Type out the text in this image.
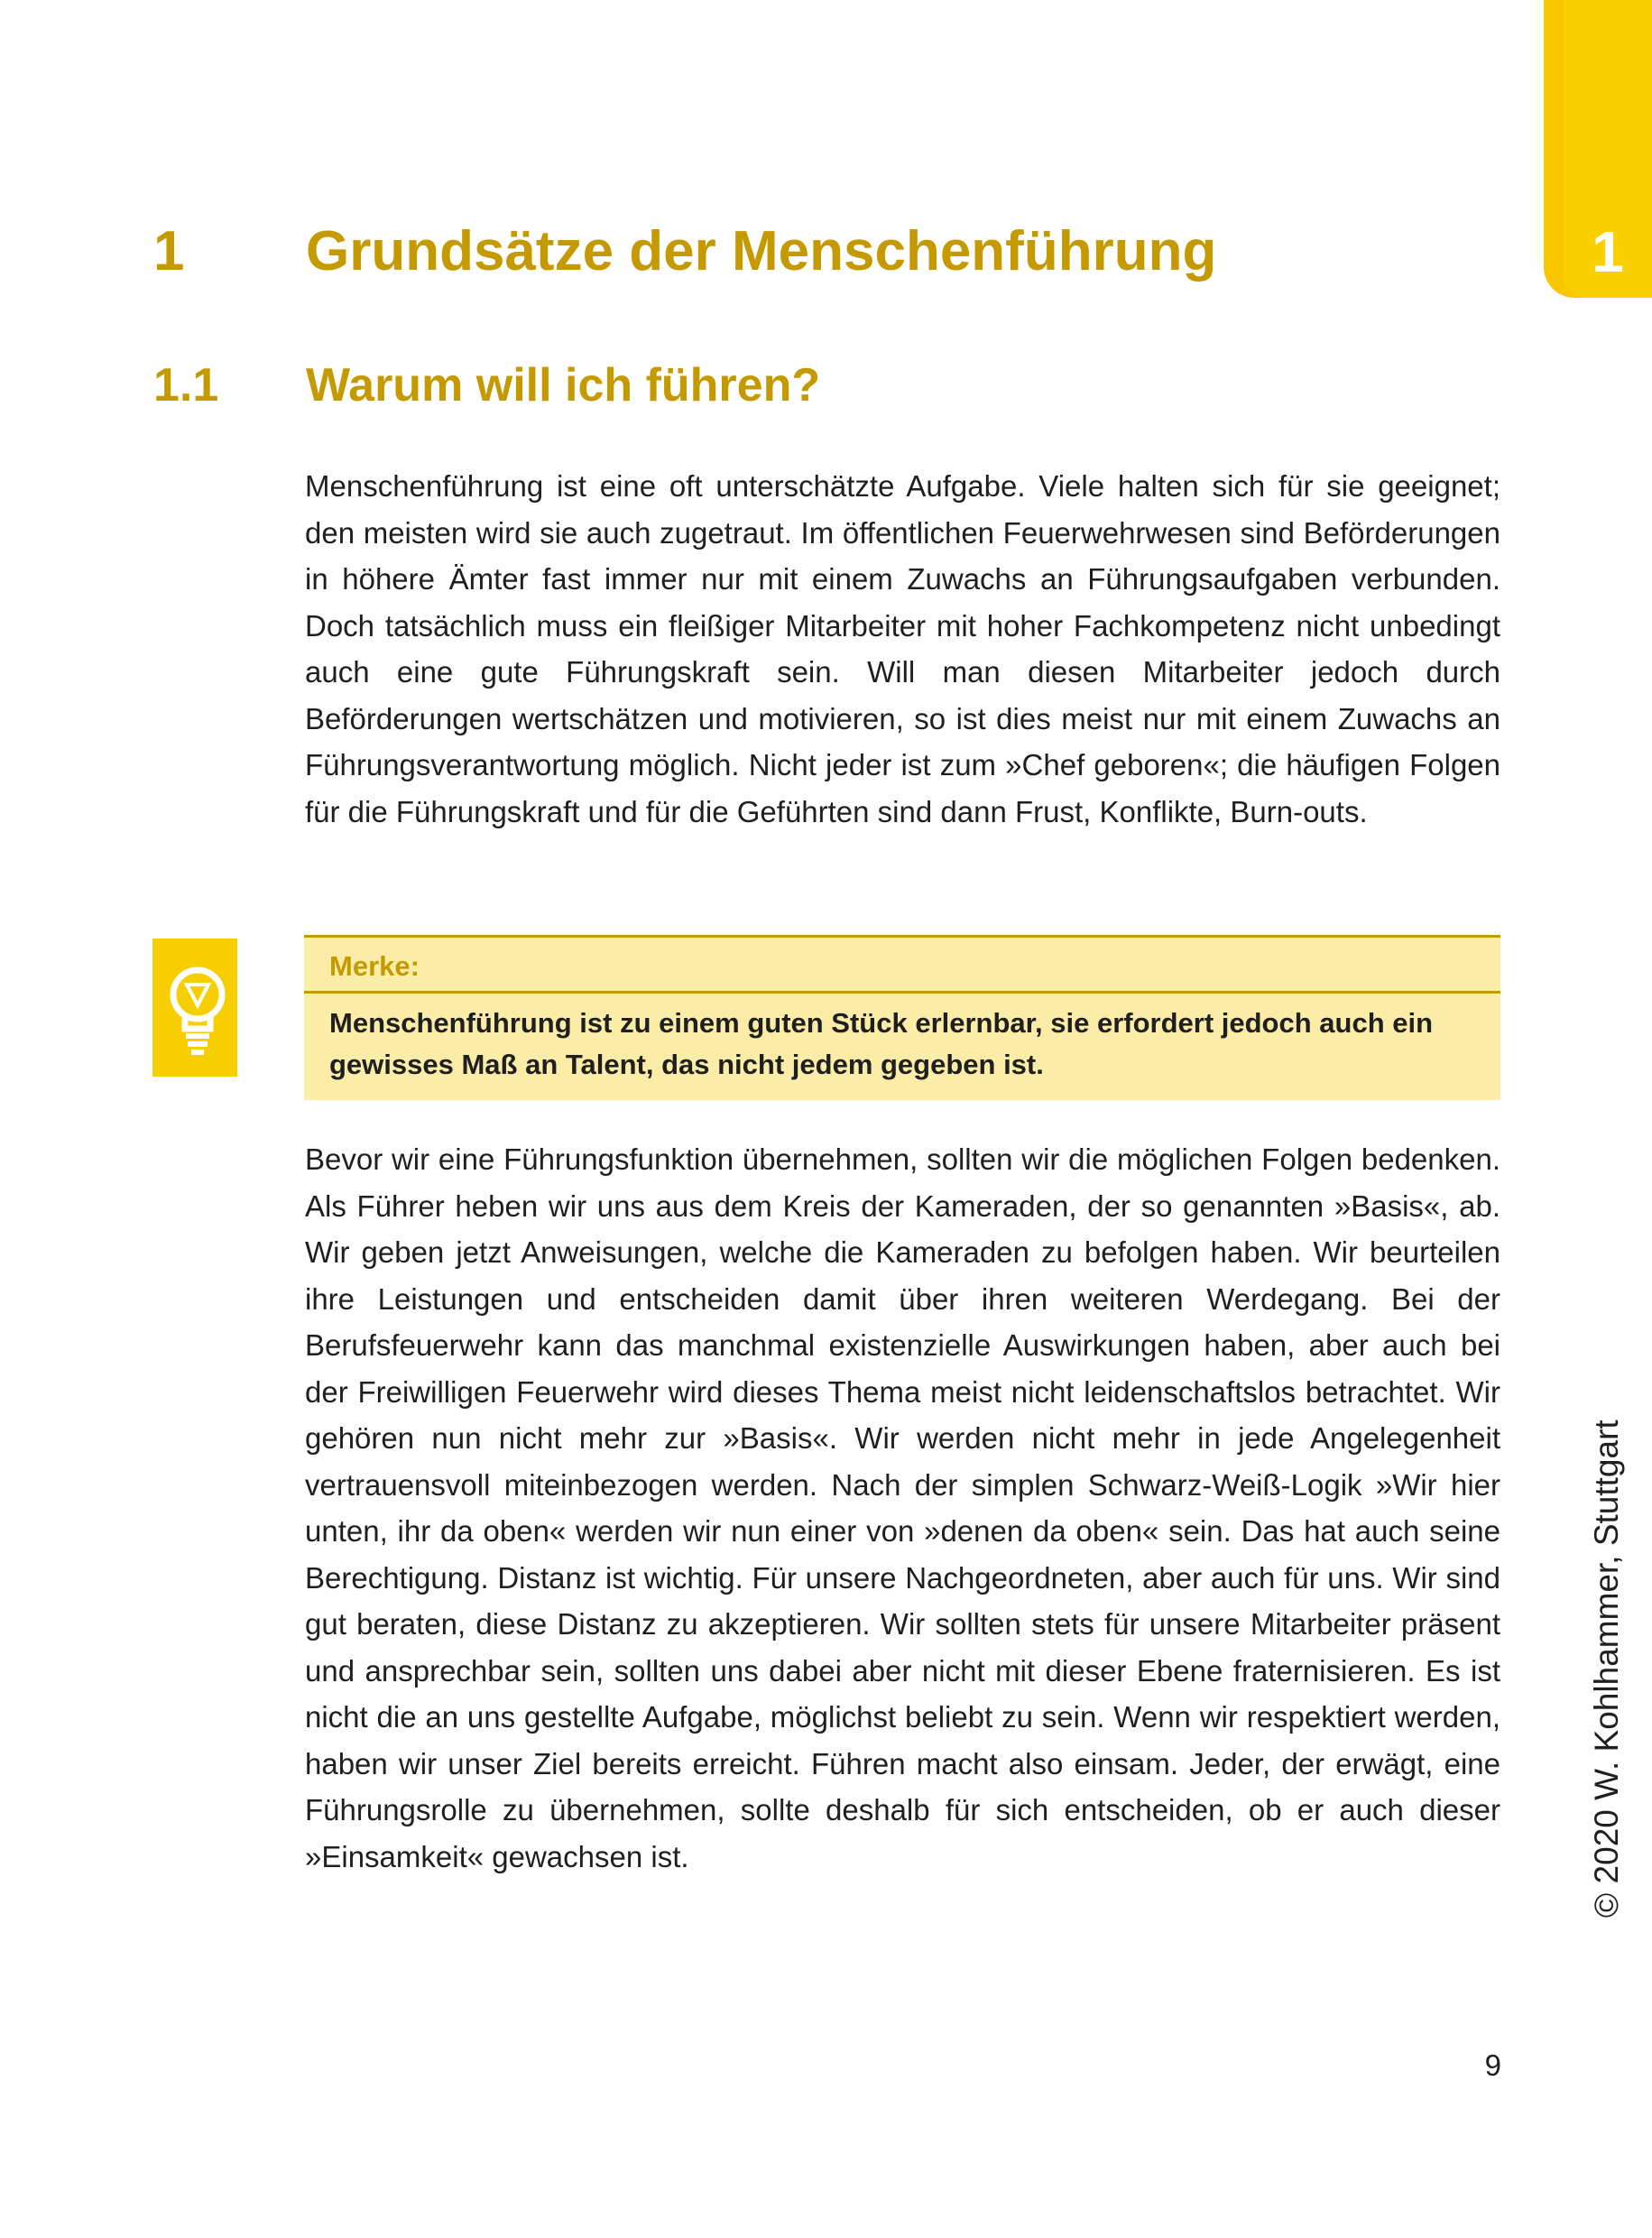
1
1 Grundsätze der Menschenführung
1.1 Warum will ich führen?

Menschenführung ist eine oft unterschätzte Aufgabe. Viele halten sich für sie geeignet; den meisten wird sie auch zugetraut. Im öffentlichen Feuerwehrwesen sind Beförderungen in höhere Ämter fast immer nur mit einem Zuwachs an Führungsaufgaben verbunden. Doch tatsächlich muss ein fleißiger Mitarbeiter mit hoher Fachkompetenz nicht unbedingt auch eine gute Führungskraft sein. Will man diesen Mitarbeiter jedoch durch Beförderungen wertschätzen und motivieren, so ist dies meist nur mit einem Zuwachs an Führungsverantwortung möglich. Nicht jeder ist zum »Chef geboren«; die häufigen Folgen für die Führungskraft und für die Geführten sind dann Frust, Konflikte, Burn-outs.

Merke:

Menschenführung ist zu einem guten Stück erlernbar, sie erfordert jedoch auch ein gewisses Maß an Talent, das nicht jedem gegeben ist.

Bevor wir eine Führungsfunktion übernehmen, sollten wir die möglichen Folgen bedenken. Als Führer heben wir uns aus dem Kreis der Kameraden, der so genannten »Basis«, ab. Wir geben jetzt Anweisungen, welche die Kameraden zu befolgen haben. Wir beurteilen ihre Leistungen und entscheiden damit über ihren weiteren Werdegang. Bei der Berufsfeuerwehr kann das manchmal existenzielle Auswirkungen haben, aber auch bei der Freiwilligen Feuerwehr wird dieses Thema meist nicht leidenschaftslos betrachtet. Wir gehören nun nicht mehr zur »Basis«. Wir werden nicht mehr in jede Angelegenheit vertrauensvoll miteinbezogen werden. Nach der simplen Schwarz-Weiß-Logik »Wir hier unten, ihr da oben« werden wir nun einer von »denen da oben« sein. Das hat auch seine Berechtigung. Distanz ist wichtig. Für unsere Nachgeordneten, aber auch für uns. Wir sind gut beraten, diese Distanz zu akzeptieren. Wir sollten stets für unsere Mitarbeiter präsent und ansprechbar sein, sollten uns dabei aber nicht mit dieser Ebene fraternisieren. Es ist nicht die an uns gestellte Aufgabe, möglichst beliebt zu sein. Wenn wir respektiert werden, haben wir unser Ziel bereits erreicht. Führen macht also einsam. Jeder, der erwägt, eine Führungsrolle zu übernehmen, sollte deshalb für sich entscheiden, ob er auch dieser »Einsamkeit« gewachsen ist.	© 2020 W. Kohlhammer, Stuttgart
9
